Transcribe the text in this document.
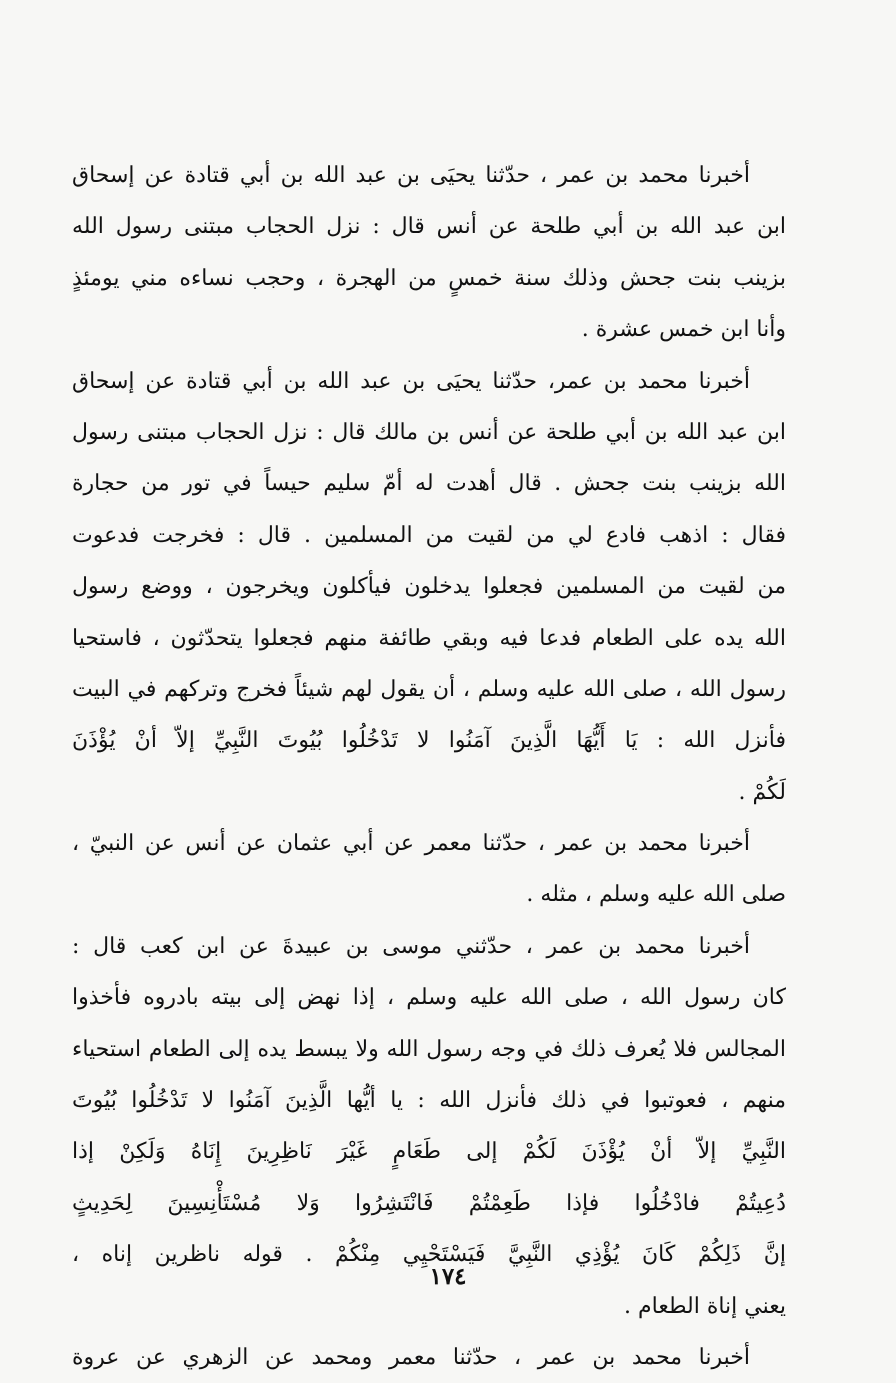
أخبرنا محمد بن عمر ، حدّثنا يحيَى بن عبد الله بن أبي قتادة عن إسحاق
ابن عبد الله بن أبي طلحة عن أنس قال : نزل الحجاب مبتنى رسول الله
بزينب بنت جحش وذلك سنة خمسٍ من الهجرة ، وحجب نساءه مني يومئذٍ
وأنا ابن خمس عشرة .
أخبرنا محمد بن عمر، حدّثنا يحيَى بن عبد الله بن أبي قتادة عن إسحاق
ابن عبد الله بن أبي طلحة عن أنس بن مالك قال : نزل الحجاب مبتنى رسول
الله بزينب بنت جحش . قال أهدت له أمّ سليم حيساً في تور من حجارة
فقال : اذهب فادع لي من لقيت من المسلمين . قال : فخرجت فدعوت
من لقيت من المسلمين فجعلوا يدخلون فيأكلون ويخرجون ، ووضع رسول
الله يده على الطعام فدعا فيه وبقي طائفة منهم فجعلوا يتحدّثون ، فاستحيا
رسول الله ، صلى الله عليه وسلم ، أن يقول لهم شيئاً فخرج وتركهم في البيت
فأنزل الله : يَا أَيُّهَا الَّذِينَ آمَنُوا لا تَدْخُلُوا بُيُوتَ النَّبِيِّ إلاّ أنْ يُؤْذَنَ
لَكُمْ .
أخبرنا محمد بن عمر ، حدّثنا معمر عن أبي عثمان عن أنس عن النبيّ ،
صلى الله عليه وسلم ، مثله .
أخبرنا محمد بن عمر ، حدّثني موسى بن عبيدةَ عن ابن كعب قال :
كان رسول الله ، صلى الله عليه وسلم ، إذا نهض إلى بيته بادروه فأخذوا
المجالس فلا يُعرف ذلك في وجه رسول الله ولا يبسط يده إلى الطعام استحياء
منهم ، فعوتبوا في ذلك فأنزل الله : يا أيُّها الَّذِينَ آمَنُوا لا تَدْخُلُوا بُيُوتَ
النَّبِيِّ إلاّ أنْ يُؤْذَنَ لَكُمْ إلى طَعَامٍ غَيْرَ نَاظِرِينَ إِنَاهُ وَلَكِنْ إذا
دُعِيتُمْ فادْخُلُوا فإذا طَعِمْتُمْ فَانْتَشِرُوا وَلا مُسْتَأْنِسِينَ لِحَدِيثٍ
إنَّ ذَلِكُمْ كَانَ يُؤْذِي النَّبِيَّ فَيَسْتَحْيِي مِنْكُمْ . قوله ناظرين إناه ،
يعني إناة الطعام .
أخبرنا محمد بن عمر ، حدّثنا معمر ومحمد عن الزهري عن عروة
١٧٤
